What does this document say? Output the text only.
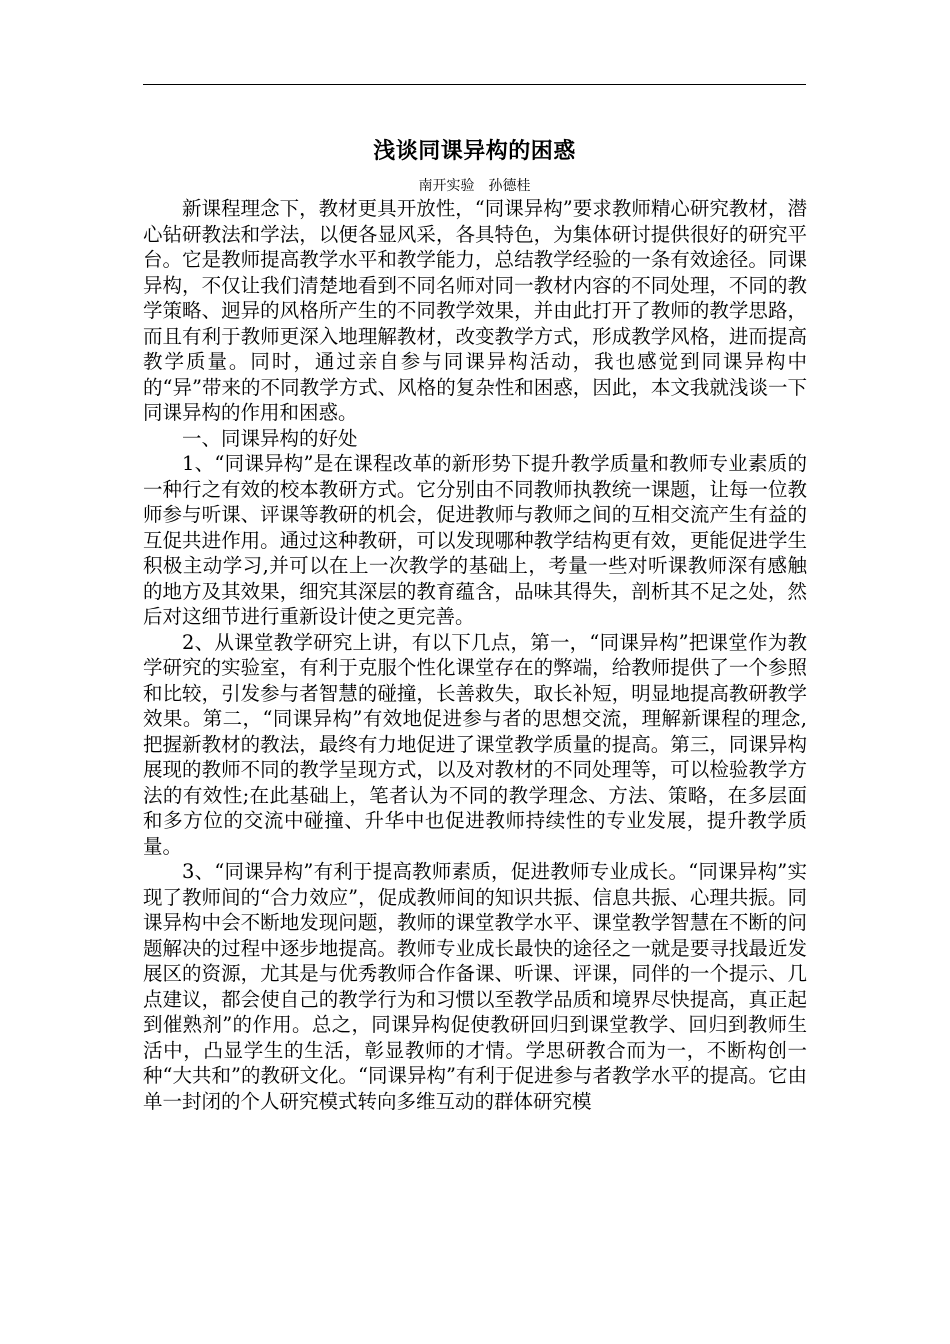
浅谈同课异构的困惑
南开实验　孙德桂

新课程理念下，教材更具开放性，“同课异构”要求教师精心研究教材，潜心钻研教法和学法，以便各显风采，各具特色，为集体研讨提供很好的研究平台。它是教师提高教学水平和教学能力，总结教学经验的一条有效途径。同课异构，不仅让我们清楚地看到不同名师对同一教材内容的不同处理，不同的教学策略、迥异的风格所产生的不同教学效果，并由此打开了教师的教学思路，而且有利于教师更深入地理解教材，改变教学方式，形成教学风格，进而提高教学质量。同时，通过亲自参与同课异构活动，我也感觉到同课异构中的“异”带来的不同教学方式、风格的复杂性和困惑，因此，本文我就浅谈一下同课异构的作用和困惑。

一、同课异构的好处

1、“同课异构”是在课程改革的新形势下提升教学质量和教师专业素质的一种行之有效的校本教研方式。它分别由不同教师执教统一课题，让每一位教师参与听课、评课等教研的机会，促进教师与教师之间的互相交流产生有益的互促共进作用。通过这种教研，可以发现哪种教学结构更有效，更能促进学生积极主动学习,并可以在上一次教学的基础上，考量一些对听课教师深有感触的地方及其效果，细究其深层的教育蕴含，品味其得失，剖析其不足之处，然后对这细节进行重新设计使之更完善。

2、从课堂教学研究上讲，有以下几点，第一，“同课异构”把课堂作为教学研究的实验室，有利于克服个性化课堂存在的弊端，给教师提供了一个参照和比较，引发参与者智慧的碰撞，长善救失，取长补短，明显地提高教研教学效果。第二，“同课异构”有效地促进参与者的思想交流，理解新课程的理念,把握新教材的教法，最终有力地促进了课堂教学质量的提高。第三，同课异构展现的教师不同的教学呈现方式，以及对教材的不同处理等，可以检验教学方法的有效性;在此基础上，笔者认为不同的教学理念、方法、策略，在多层面和多方位的交流中碰撞、升华中也促进教师持续性的专业发展，提升教学质量。

3、“同课异构”有利于提高教师素质，促进教师专业成长。“同课异构”实现了教师间的“合力效应”，促成教师间的知识共振、信息共振、心理共振。同课异构中会不断地发现问题，教师的课堂教学水平、课堂教学智慧在不断的问题解决的过程中逐步地提高。教师专业成长最快的途径之一就是要寻找最近发展区的资源，尤其是与优秀教师合作备课、听课、评课，同伴的一个提示、几点建议，都会使自己的教学行为和习惯以至教学品质和境界尽快提高，真正起到催熟剂”的作用。总之，同课异构促使教研回归到课堂教学、回归到教师生活中，凸显学生的生活，彰显教师的才情。学思研教合而为一，不断构创一种“大共和”的教研文化。“同课异构”有利于促进参与者教学水平的提高。它由单一封闭的个人研究模式转向多维互动的群体研究模
